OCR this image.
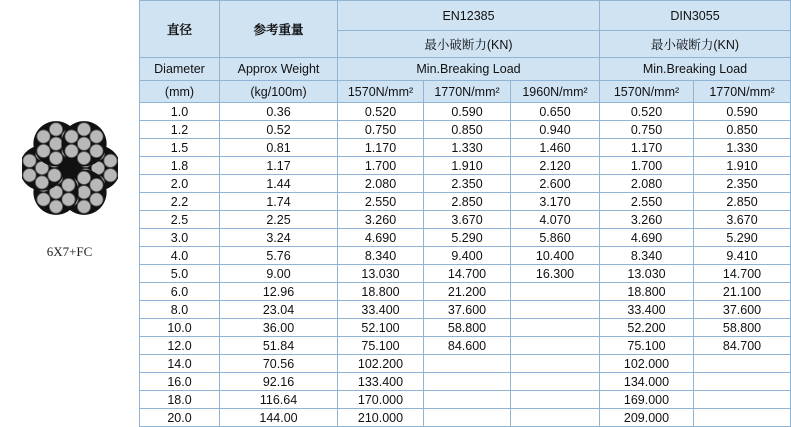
6X7+FC
直径	参考重量	EN12385			DIN3055	
		最小破断力(KN)			最小破断力(KN)	
Diameter	Approx Weight	Min.Breaking Load			Min.Breaking Load	
(mm)	(kg/100m)	1570N/mm²	1770N/mm²	1960N/mm²	1570N/mm²	1770N/mm²
1.0	0.36	0.520	0.590	0.650	0.520	0.590
1.2	0.52	0.750	0.850	0.940	0.750	0.850
1.5	0.81	1.170	1.330	1.460	1.170	1.330
1.8	1.17	1.700	1.910	2.120	1.700	1.910
2.0	1.44	2.080	2.350	2.600	2.080	2.350
2.2	1.74	2.550	2.850	3.170	2.550	2.850
2.5	2.25	3.260	3.670	4.070	3.260	3.670
3.0	3.24	4.690	5.290	5.860	4.690	5.290
4.0	5.76	8.340	9.400	10.400	8.340	9.410
5.0	9.00	13.030	14.700	16.300	13.030	14.700
6.0	12.96	18.800	21.200		18.800	21.100
8.0	23.04	33.400	37.600		33.400	37.600
10.0	36.00	52.100	58.800		52.200	58.800
12.0	51.84	75.100	84.600		75.100	84.700
14.0	70.56	102.200			102.000	
16.0	92.16	133.400			134.000	
18.0	116.64	170.000			169.000	
20.0	144.00	210.000			209.000	
